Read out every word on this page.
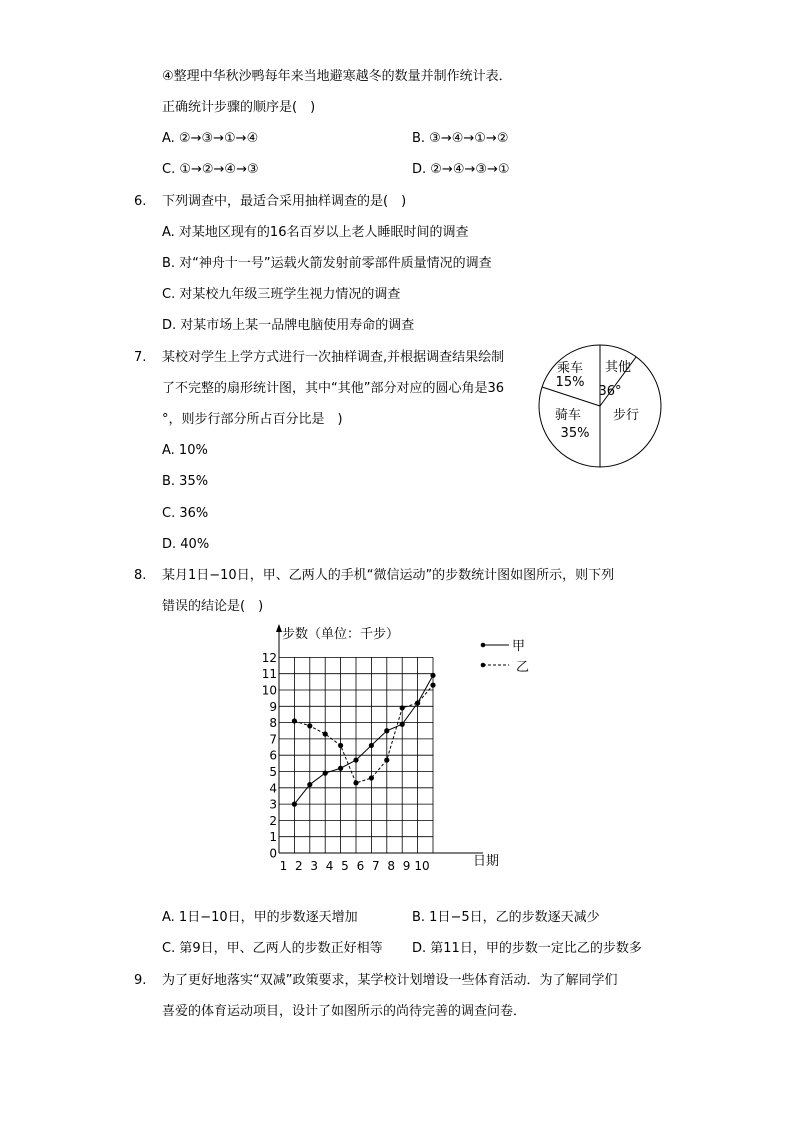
④整理中华秋沙鸭每年来当地避寒越冬的数量并制作统计表．
正确统计步骤的顺序是(　)
A. ②→③→①→④	B. ③→④→①→②
C. ①→②→④→③	D. ②→④→③→①
6. 下列调查中，最适合采用抽样调查的是(　)
A. 对某地区现有的16名百岁以上老人睡眠时间的调查
B. 对“神舟十一号”运载火箭发射前零部件质量情况的调查
C. 对某校九年级三班学生视力情况的调查
D. 对某市场上某一品牌电脑使用寿命的调查
7. 某校对学生上学方式进行一次抽样调查,并根据调查结果绘制
了不完整的扇形统计图，其中“其他”部分对应的圆心角是36
°，则步行部分所占百分比是　)
A. 10%
B. 35%
C. 36%
D. 40%
乘车
15%
其他
36°
骑车
35%
步行
8. 某月1日−10日，甲、乙两人的手机“微信运动”的步数统计图如图所示，则下列
错误的结论是(　)
0
1
2
3
4
5
6
7
8
9
10
11
12
1 2 3 4 5 6 7 8 9 10
步数（单位：千步）
日期
甲
乙
A. 1日−10日，甲的步数逐天增加	B. 1日−5日，乙的步数逐天减少
C. 第9日，甲、乙两人的步数正好相等 D. 第11日，甲的步数一定比乙的步数多
9. 为了更好地落实“双减”政策要求，某学校计划增设一些体育活动．为了解同学们
喜爱的体育运动项目，设计了如图所示的尚待完善的调查问卷．
